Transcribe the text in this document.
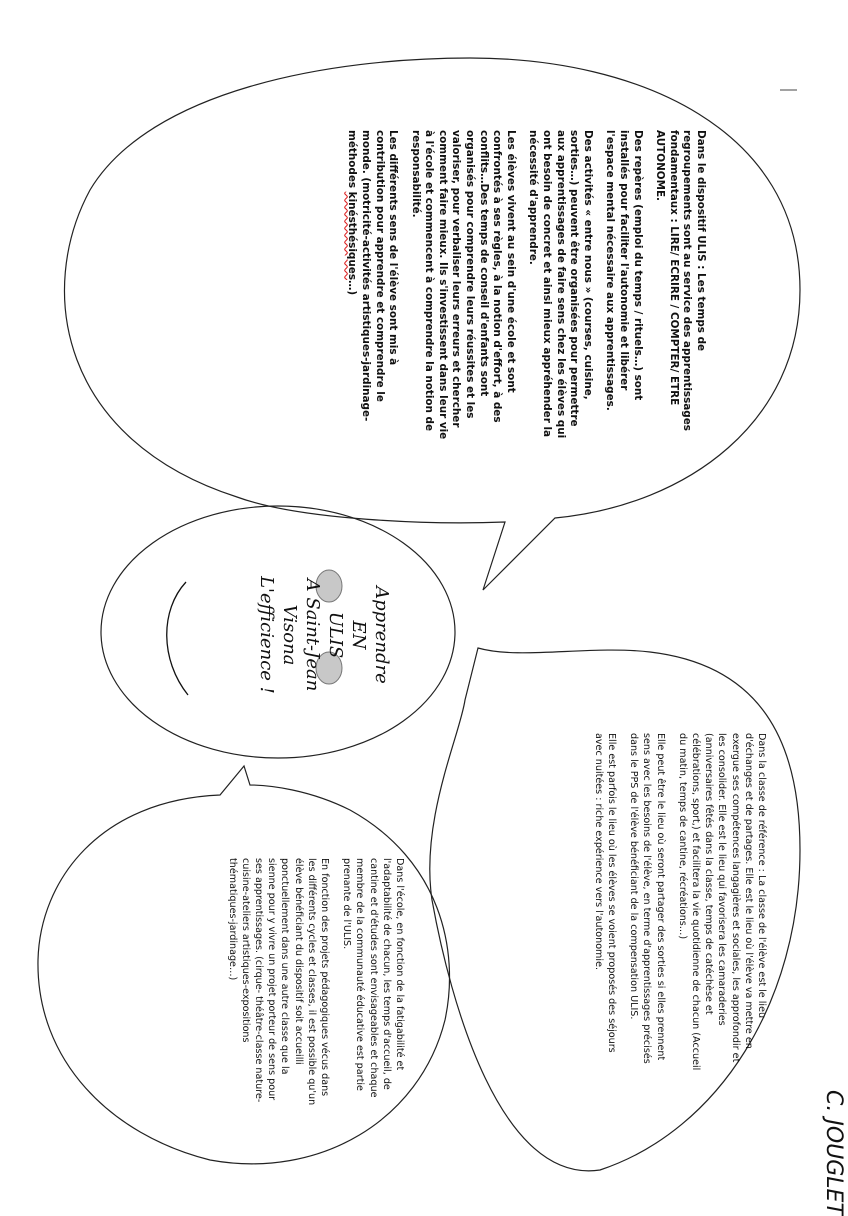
Dans le dispositif ULIS : Les temps de regroupements sont au service des apprentissages fondamentaux : LIRE/ ECRIRE / COMPTER/ ETRE AUTONOME.

Des repères (emploi du temps / rituels…) sont installés pour faciliter l'autonomie et libérer l'espace mental nécessaire aux apprentissages.

Des activités « entre nous » (courses, cuisine, sorties…) peuvent être organisées pour permettre aux apprentissages de faire sens chez les élèves qui ont besoin de concret et ainsi mieux appréhender la nécessité d'apprendre.

Les élèves vivent au sein d'une école et sont confrontés à ses règles, à la notion d'effort, à des conflits…Des temps de conseil d'enfants sont organisés pour comprendre leurs réussites et les valoriser, pour verbaliser leurs erreurs et chercher comment faire mieux. Ils s'investissent dans leur vie à l'école et commencent à comprendre la notion de responsabilité.

Les différents sens de l'élève sont mis à contribution pour apprendre et comprendre le monde. (motricité-activités artistiques-jardinage- méthodes kinésthésiques…)

Apprendre
EN
ULIS
A Saint-Jean
Visona
L'efficience !

Dans la classe de référence : La classe de l'élève est le lieu d'échanges et de partages. Elle est le lieu où l'élève va mettre en exergue ses compétences langagières et sociales, les approfondir et les consolider. Elle est le lieu qui favorisera les camaraderies (anniversaires fêtés dans la classe, temps de catéchèse et célébrations, sport,) et facilitera la vie quotidienne de chacun (Accueil du matin, temps de cantine, récréations…)

Elle peut être le lieu où seront partager des sorties si elles prennent sens avec les besoins de l'élève, en terme d'apprentissages précisés dans le PPS de l'élève bénéficiant de la compensation ULIS.

Elle est parfois le lieu où les élèves se voient proposés des séjours avec nuitées : riche expérience vers l'autonomie.

Dans l'école, en fonction de la fatigabilité et l'adaptabilité de chacun, les temps d'accueil, de cantine et d'études sont envisageables et chaque membre de la communauté éducative est partie prenante de l'ULIS.

En fonction des projets pédagogiques vécus dans les différents cycles et classes, il est possible qu'un élève bénéficiant du dispositif soit accueilli ponctuellement dans une autre classe que la sienne pour y vivre un projet porteur de sens pour ses apprentissages. (cirque- théâtre-classe nature-cuisine-ateliers artistiques-expositions thématiques-jardinage…)

C. JOUGLET
